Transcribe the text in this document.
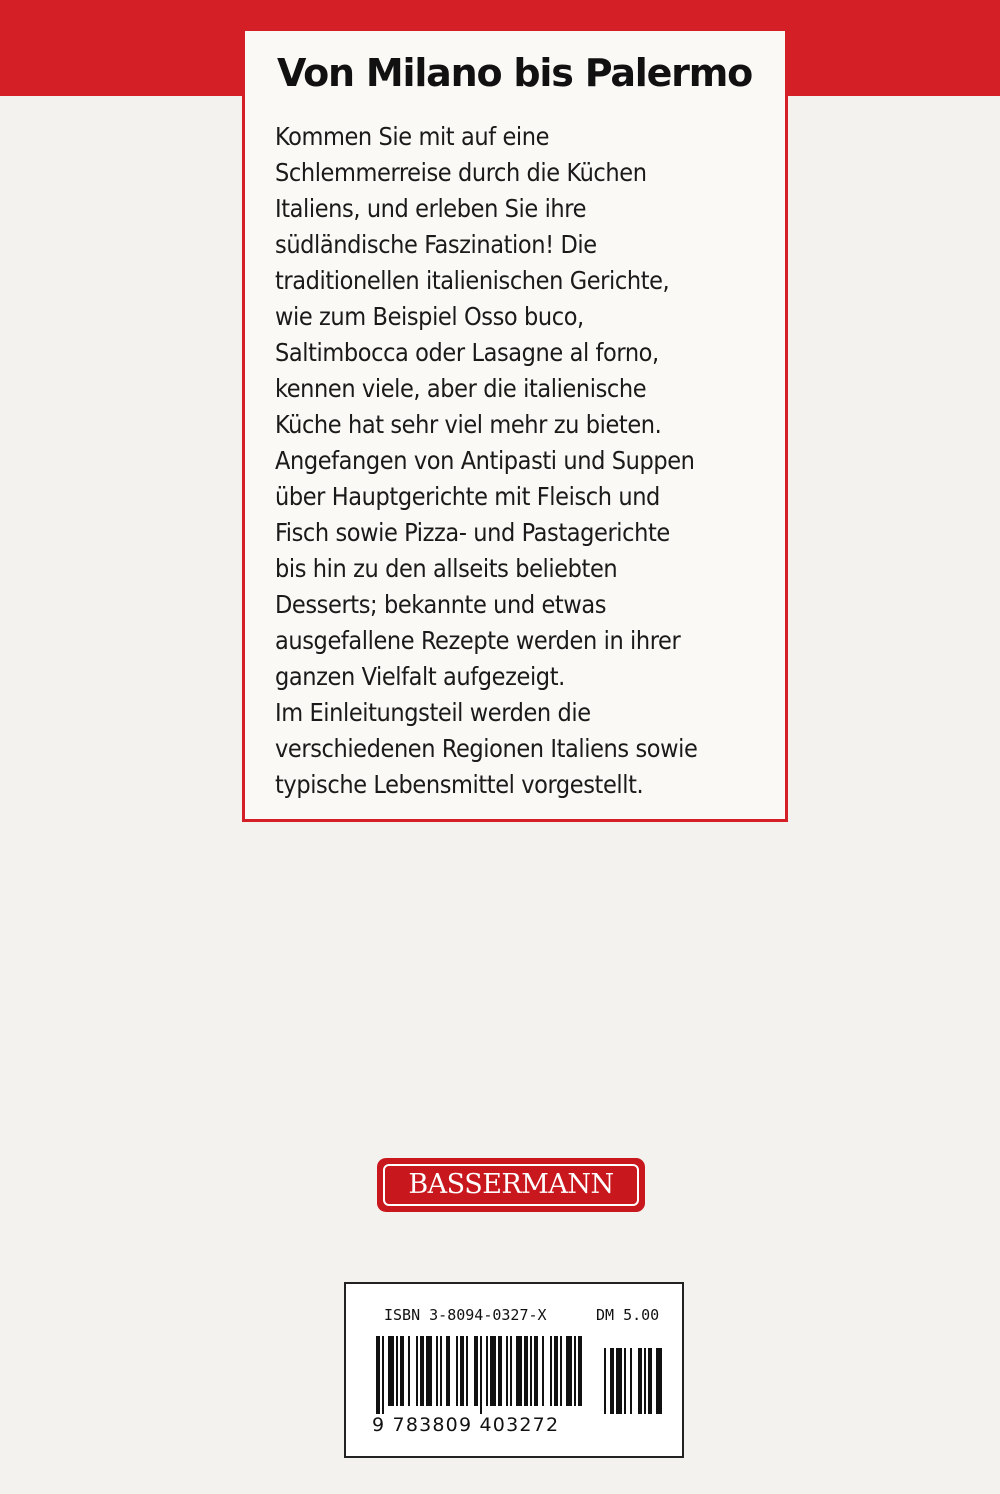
Von Milano bis Palermo
Kommen Sie mit auf eine
Schlemmerreise durch die Küchen
Italiens, und erleben Sie ihre
südländische Faszination! Die
traditionellen italienischen Gerichte,
wie zum Beispiel Osso buco,
Saltimbocca oder Lasagne al forno,
kennen viele, aber die italienische
Küche hat sehr viel mehr zu bieten.
Angefangen von Antipasti und Suppen
über Hauptgerichte mit Fleisch und
Fisch sowie Pizza- und Pastagerichte
bis hin zu den allseits beliebten
Desserts; bekannte und etwas
ausgefallene Rezepte werden in ihrer
ganzen Vielfalt aufgezeigt.
Im Einleitungsteil werden die
verschiedenen Regionen Italiens sowie
typische Lebensmittel vorgestellt.
BASSERMANN
ISBN 3-8094-0327-X	DM 5.00
9 783809 403272
